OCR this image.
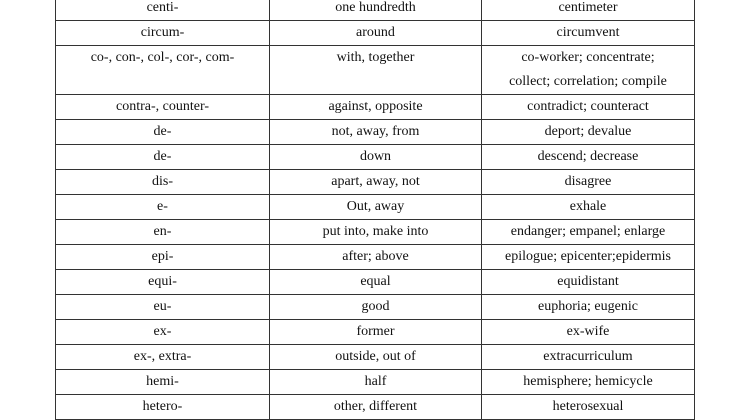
centi-	one hundredth	centimeter

circum-	around	circumvent

co-, con-, col-, cor-, com-	with, together	co-worker; concentrate;
collect; correlation; compile

contra-, counter-	against, opposite	contradict; counteract

de-	not, away, from	deport; devalue

de-	down	descend; decrease

dis-	apart, away, not	disagree

e-	Out, away	exhale

en-	put into, make into	endanger; empanel; enlarge

epi-	after; above	epilogue; epicenter;epidermis

equi-	equal	equidistant

eu-	good	euphoria; eugenic

ex-	former	ex-wife

ex-, extra-	outside, out of	extracurriculum

hemi-	half	hemisphere; hemicycle

hetero-	other, different	heterosexual
